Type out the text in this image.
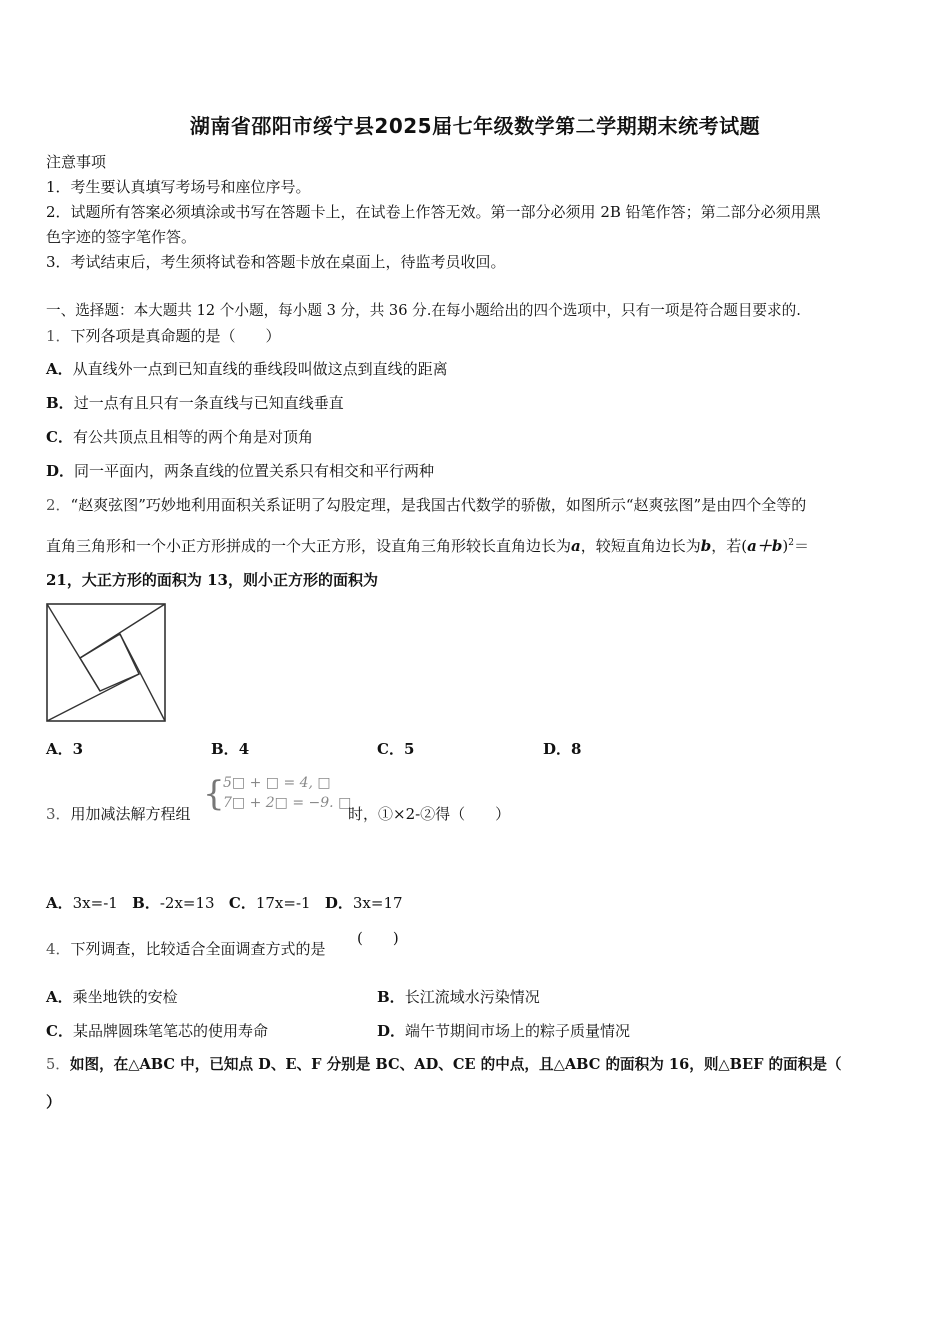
湖南省邵阳市绥宁县2025届七年级数学第二学期期末统考试题
注意事项
1．考生要认真填写考场号和座位序号。
2．试题所有答案必须填涂或书写在答题卡上，在试卷上作答无效。第一部分必须用 2B 铅笔作答；第二部分必须用黑
色字迹的签字笔作答。
3．考试结束后，考生须将试卷和答题卡放在桌面上，待监考员收回。
一、选择题：本大题共 12 个小题，每小题 3 分，共 36 分.在每小题给出的四个选项中，只有一项是符合题目要求的.
1．下列各项是真命题的是（　　）
A．从直线外一点到已知直线的垂线段叫做这点到直线的距离
B．过一点有且只有一条直线与已知直线垂直
C．有公共顶点且相等的两个角是对顶角
D．同一平面内，两条直线的位置关系只有相交和平行两种
2．“赵爽弦图”巧妙地利用面积关系证明了勾股定理，是我国古代数学的骄傲，如图所示“赵爽弦图”是由四个全等的
直角三角形和一个小正方形拼成的一个大正方形，设直角三角形较长直角边长为a，较短直角边长为b，若$(a+b)^2=$
21，大正方形的面积为 13，则小正方形的面积为
A．3	B．4	C．5	D．8
3．用加减法解方程组 {
5□ + □ = 4, □
7□ + 2□ = −9. □
时，①×2-②得（　　）
A．3x=-1 B．-2x=13 C．17x=-1 D．3x=17
4．下列调查，比较适合全面调查方式的是
(　　)
A．乘坐地铁的安检	B．长江流域水污染情况
C．某品牌圆珠笔笔芯的使用寿命	D．端午节期间市场上的粽子质量情况
5．如图，在△ABC 中，已知点 D、E、F 分别是 BC、AD、CE 的中点，且△ABC 的面积为 16，则△BEF 的面积是（
）
